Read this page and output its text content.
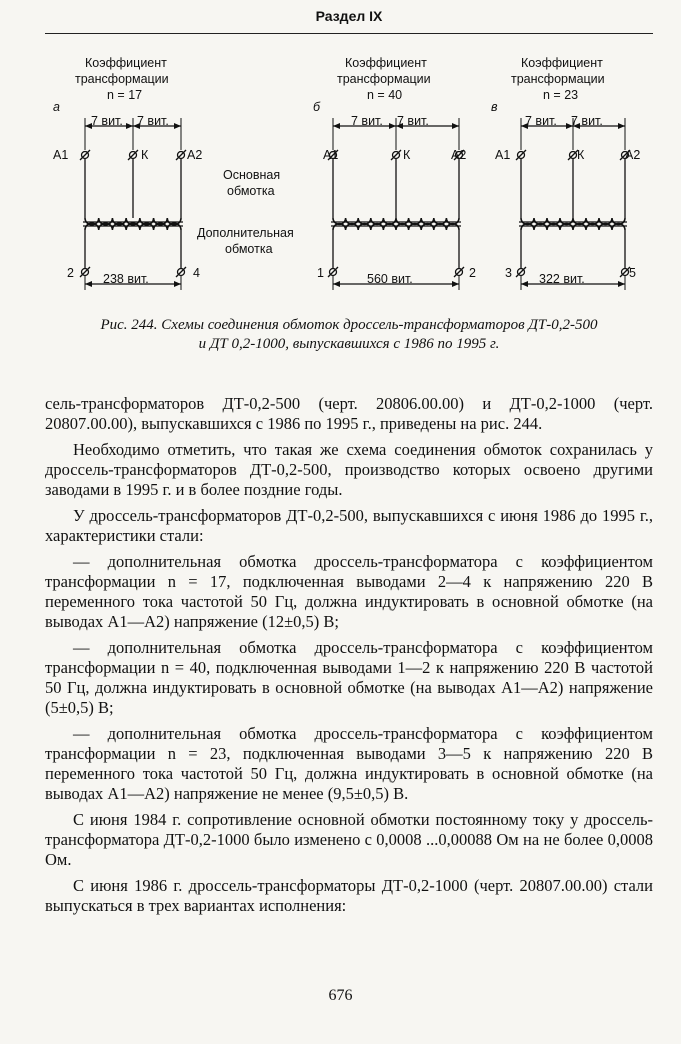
Раздел IX
Коэффициент
трансформации
n = 17
а
7 вит. 7 вит.
А1	К	А2
2	4
238 вит.
Основная
обмотка
Дополнительная
обмотка
Коэффициент
трансформации
n = 40
б
7 вит. 7 вит.
А1	К	А2
1	2
560 вит.
Коэффициент
трансформации
n = 23
в
7 вит. 7 вит.
А1	К	А2
3	5
322 вит.
Рис. 244. Схемы соединения обмоток дроссель-трансформаторов ДТ-0,2-500
и ДТ 0,2-1000, выпускавшихся с 1986 по 1995 г.

сель-трансформаторов ДТ-0,2-500 (черт. 20806.00.00) и ДТ-0,2-1000 (черт. 20807.00.00), выпускавшихся с 1986 по 1995 г., приведены на рис. 244.

Необходимо отметить, что такая же схема соединения обмоток сохранилась у дроссель-трансформаторов ДТ-0,2-500, производство которых освоено другими заводами в 1995 г. и в более поздние годы.

У дроссель-трансформаторов ДТ-0,2-500, выпускавшихся с июня 1986 до 1995 г., характеристики стали:

— дополнительная обмотка дроссель-трансформатора с коэффициентом трансформации n = 17, подключенная выводами 2—4 к напряжению 220 В переменного тока частотой 50 Гц, должна индуктировать в основной обмотке (на выводах А1—А2) напряжение (12±0,5) В;

— дополнительная обмотка дроссель-трансформатора с коэффициентом трансформации n = 40, подключенная выводами 1—2 к напряжению 220 В частотой 50 Гц, должна индуктировать в основной обмотке (на выводах А1—А2) напряжение (5±0,5) В;

— дополнительная обмотка дроссель-трансформатора с коэффициентом трансформации n = 23, подключенная выводами 3—5 к напряжению 220 В переменного тока частотой 50 Гц, должна индуктировать в основной обмотке (на выводах А1—А2) напряжение не менее (9,5±0,5) В.

С июня 1984 г. сопротивление основной обмотки постоянному току у дроссель-трансформатора ДТ-0,2-1000 было изменено с 0,0008 ...0,00088 Ом на не более 0,0008 Ом.

С июня 1986 г. дроссель-трансформаторы ДТ-0,2-1000 (черт. 20807.00.00) стали выпускаться в трех вариантах исполнения:

676
